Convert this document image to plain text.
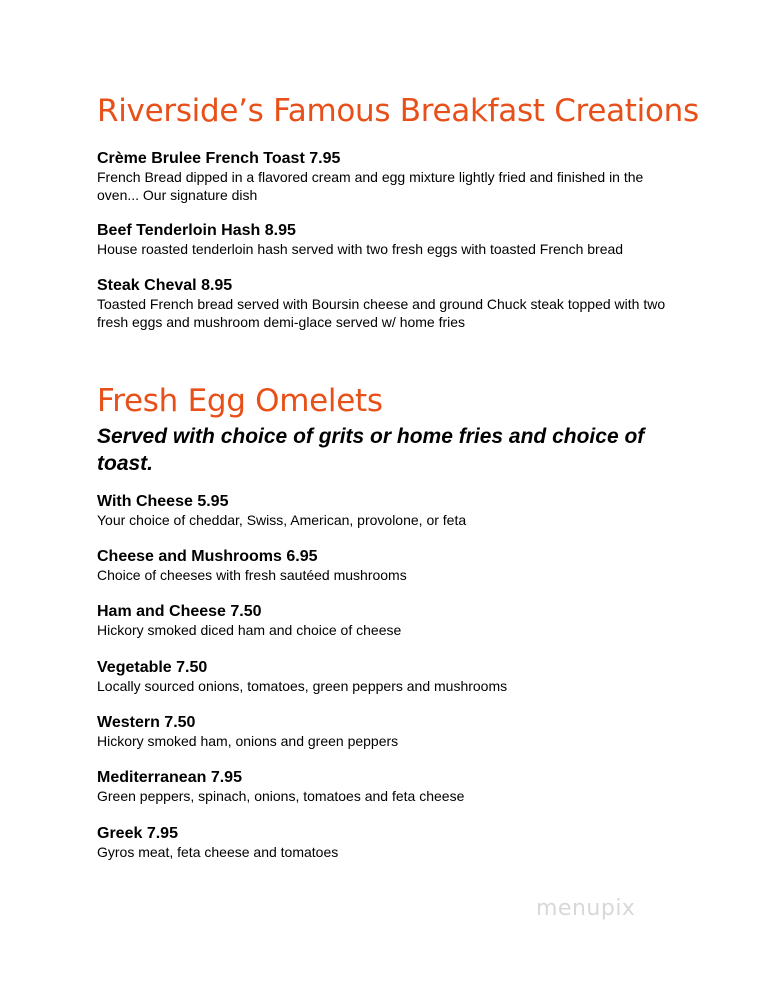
Riverside’s Famous Breakfast Creations

Crème Brulee French Toast 7.95

French Bread dipped in a flavored cream and egg mixture lightly fried and finished in the oven... Our signature dish

Beef Tenderloin Hash 8.95

House roasted tenderloin hash served with two fresh eggs with toasted French bread

Steak Cheval 8.95

Toasted French bread served with Boursin cheese and ground Chuck steak topped with two fresh eggs and mushroom demi-glace served w/ home fries

Fresh Egg Omelets

Served with choice of grits or home fries and choice of toast.

With Cheese 5.95

Your choice of cheddar, Swiss, American, provolone, or feta

Cheese and Mushrooms 6.95

Choice of cheeses with fresh sautéed mushrooms

Ham and Cheese 7.50

Hickory smoked diced ham and choice of cheese

Vegetable 7.50

Locally sourced onions, tomatoes, green peppers and mushrooms

Western 7.50

Hickory smoked ham, onions and green peppers

Mediterranean 7.95

Green peppers, spinach, onions, tomatoes and feta cheese

Greek 7.95

Gyros meat, feta cheese and tomatoes

menupix
